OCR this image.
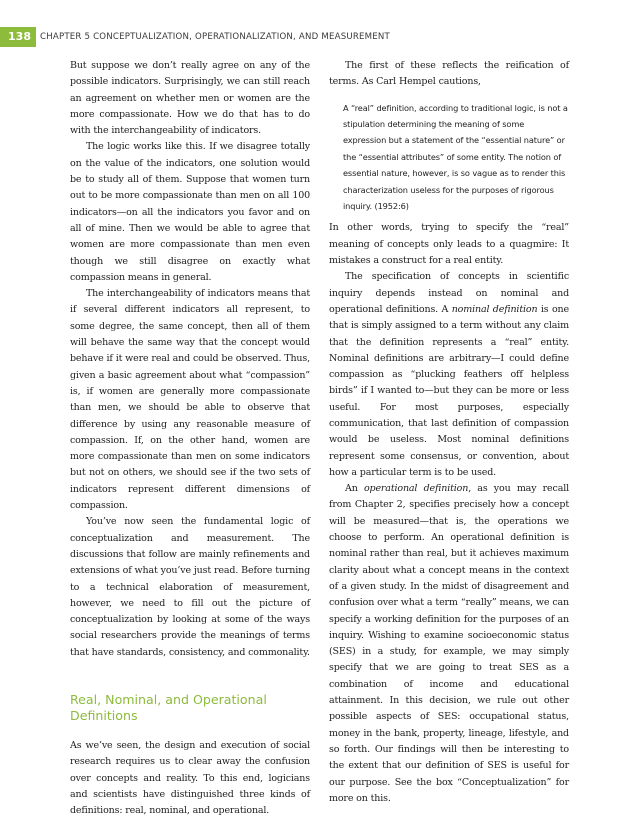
138	CHAPTER 5 CONCEPTUALIZATION, OPERATIONALIZATION, AND MEASUREMENT

But suppose we don’t really agree on any of the possible indicators. Surprisingly, we can still reach an agreement on whether men or women are the more compassionate. How we do that has to do with the interchangeability of indicators.

The logic works like this. If we disagree totally on the value of the indicators, one solution would be to study all of them. Suppose that women turn out to be more compassionate than men on all 100 indicators—on all the indicators you favor and on all of mine. Then we would be able to agree that women are more compassionate than men even though we still disagree on exactly what compassion means in general.

The interchangeability of indicators means that if several different indicators all represent, to some degree, the same concept, then all of them will behave the same way that the concept would behave if it were real and could be observed. Thus, given a basic agreement about what “compassion” is, if women are generally more compassionate than men, we should be able to observe that difference by using any reasonable measure of compassion. If, on the other hand, women are more compassionate than men on some indicators but not on others, we should see if the two sets of indicators represent different dimensions of compassion.

You’ve now seen the fundamental logic of conceptualization and measurement. The discussions that follow are mainly refinements and extensions of what you’ve just read. Before turning to a technical elaboration of measurement, however, we need to fill out the picture of conceptualization by looking at some of the ways social researchers provide the meanings of terms that have standards, consistency, and commonality.

Real, Nominal, and Operational Definitions

As we’ve seen, the design and execution of social research requires us to clear away the confusion over concepts and reality. To this end, logicians and scientists have distinguished three kinds of definitions: real, nominal, and operational.

The first of these reflects the reification of terms. As Carl Hempel cautions,

A “real” definition, according to traditional logic, is not a stipulation determining the meaning of some expression but a statement of the “essential nature” or the “essential attributes” of some entity. The notion of essential nature, however, is so vague as to render this characterization useless for the purposes of rigorous inquiry. (1952:6)

In other words, trying to specify the “real” meaning of concepts only leads to a quagmire: It mistakes a construct for a real entity.

The specification of concepts in scientific inquiry depends instead on nominal and operational definitions. A nominal definition is one that is simply assigned to a term without any claim that the definition represents a “real” entity. Nominal definitions are arbitrary—I could define compassion as “plucking feathers off helpless birds” if I wanted to—but they can be more or less useful. For most purposes, especially communication, that last definition of compassion would be useless. Most nominal definitions represent some consensus, or convention, about how a particular term is to be used.

An operational definition, as you may recall from Chapter 2, specifies precisely how a concept will be measured—that is, the operations we choose to perform. An operational definition is nominal rather than real, but it achieves maximum clarity about what a concept means in the context of a given study. In the midst of disagreement and confusion over what a term “really” means, we can specify a working definition for the purposes of an inquiry. Wishing to examine socioeconomic status (SES) in a study, for example, we may simply specify that we are going to treat SES as a combination of income and educational attainment. In this decision, we rule out other possible aspects of SES: occupational status, money in the bank, property, lineage, lifestyle, and so forth. Our findings will then be interesting to the extent that our definition of SES is useful for our purpose. See the box “Conceptualization” for more on this.
